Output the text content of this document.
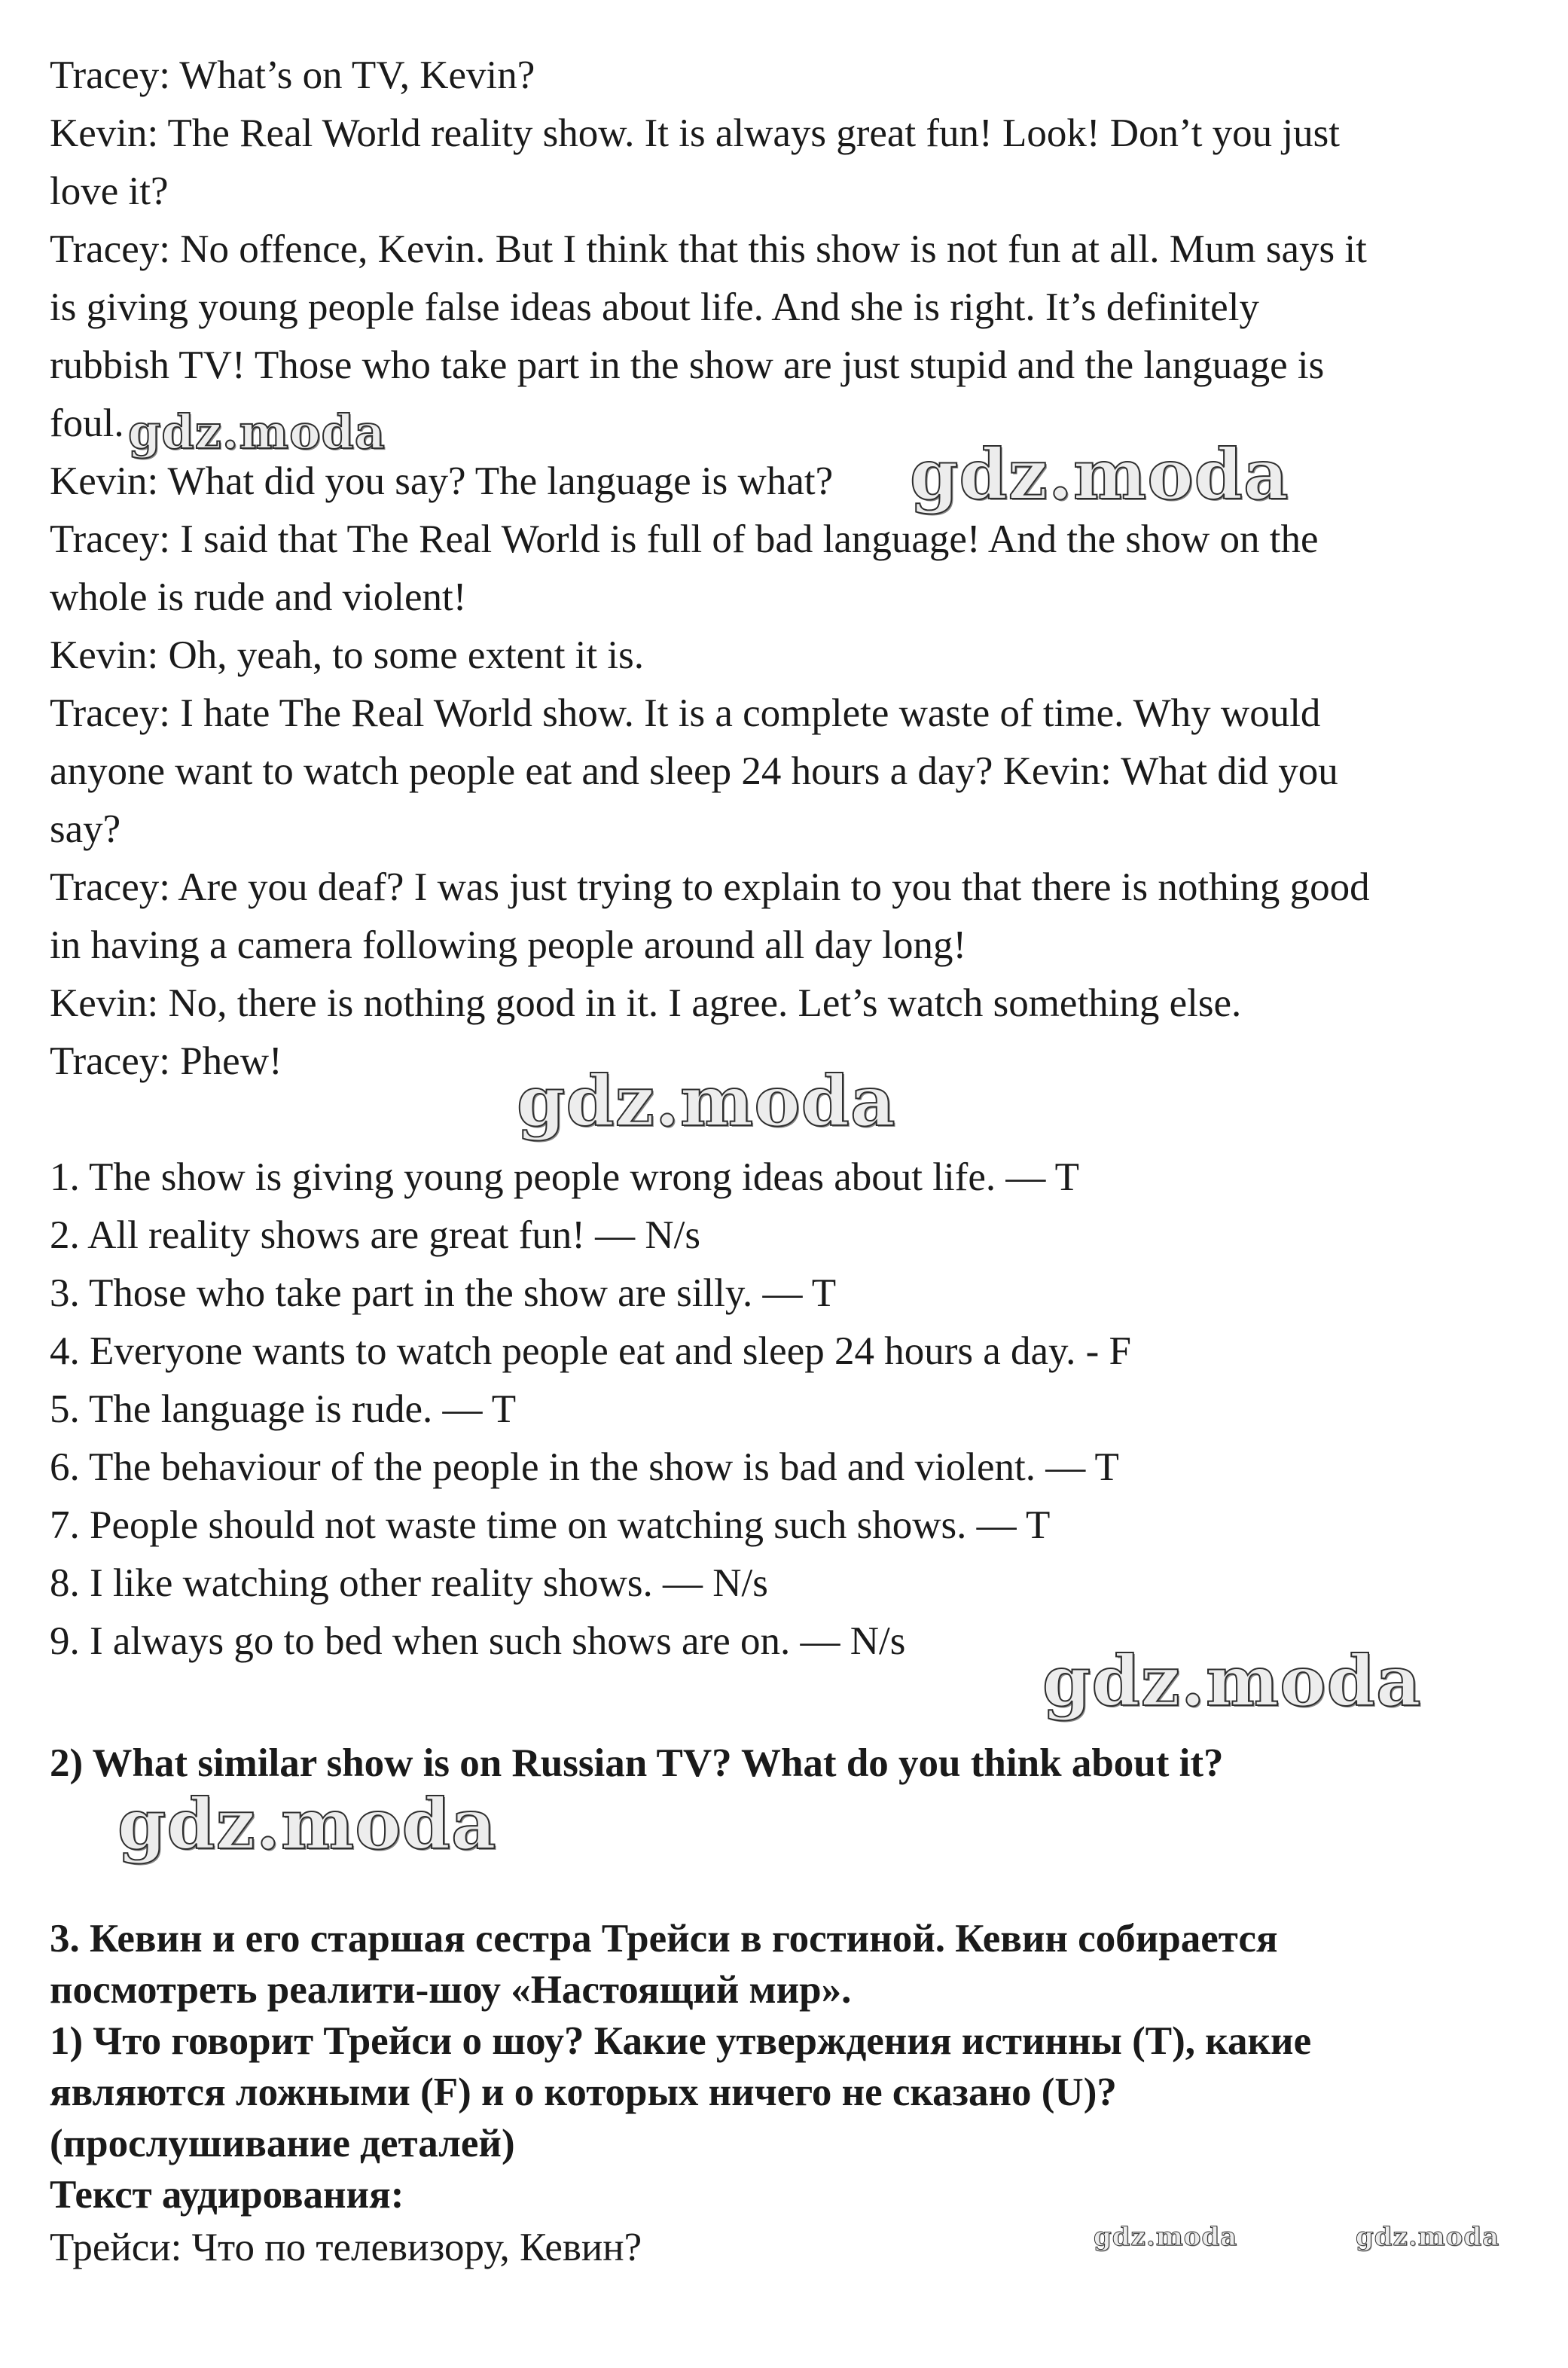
Tracey: What’s on TV, Kevin?
Kevin: The Real World reality show. It is always great fun! Look! Don’t you just
love it?
Tracey: No offence, Kevin. But I think that this show is not fun at all. Mum says it
is giving young people false ideas about life. And she is right. It’s definitely
rubbish TV! Those who take part in the show are just stupid and the language is
foul.
Kevin: What did you say? The language is what?
Tracey: I said that The Real World is full of bad language! And the show on the
whole is rude and violent!
Kevin: Oh, yeah, to some extent it is.
Tracey: I hate The Real World show. It is a complete waste of time. Why would
anyone want to watch people eat and sleep 24 hours a day? Kevin: What did you
say?
Tracey: Are you deaf? I was just trying to explain to you that there is nothing good
in having a camera following people around all day long!
Kevin: No, there is nothing good in it. I agree. Let’s watch something else.
Tracey: Phew!
1. The show is giving young people wrong ideas about life. — T
2. All reality shows are great fun! — N/s
3. Those who take part in the show are silly. — T
4. Everyone wants to watch people eat and sleep 24 hours a day. - F
5. The language is rude. — T
6. The behaviour of the people in the show is bad and violent. — T
7. People should not waste time on watching such shows. — T
8. I like watching other reality shows. — N/s
9. I always go to bed when such shows are on. — N/s
2) What similar show is on Russian TV? What do you think about it?
3. Кевин и его старшая сестра Трейси в гостиной. Кевин собирается
посмотреть реалити-шоу «Настоящий мир».
1) Что говорит Трейси о шоу? Какие утверждения истинны (T), какие
являются ложными (F) и о которых ничего не сказано (U)?
(прослушивание деталей)
Текст аудирования:
Трейси: Что по телевизору, Кевин?
gdz.moda
gdz.moda
gdz.moda
gdz.moda
gdz.moda
gdz.moda	gdz.moda
